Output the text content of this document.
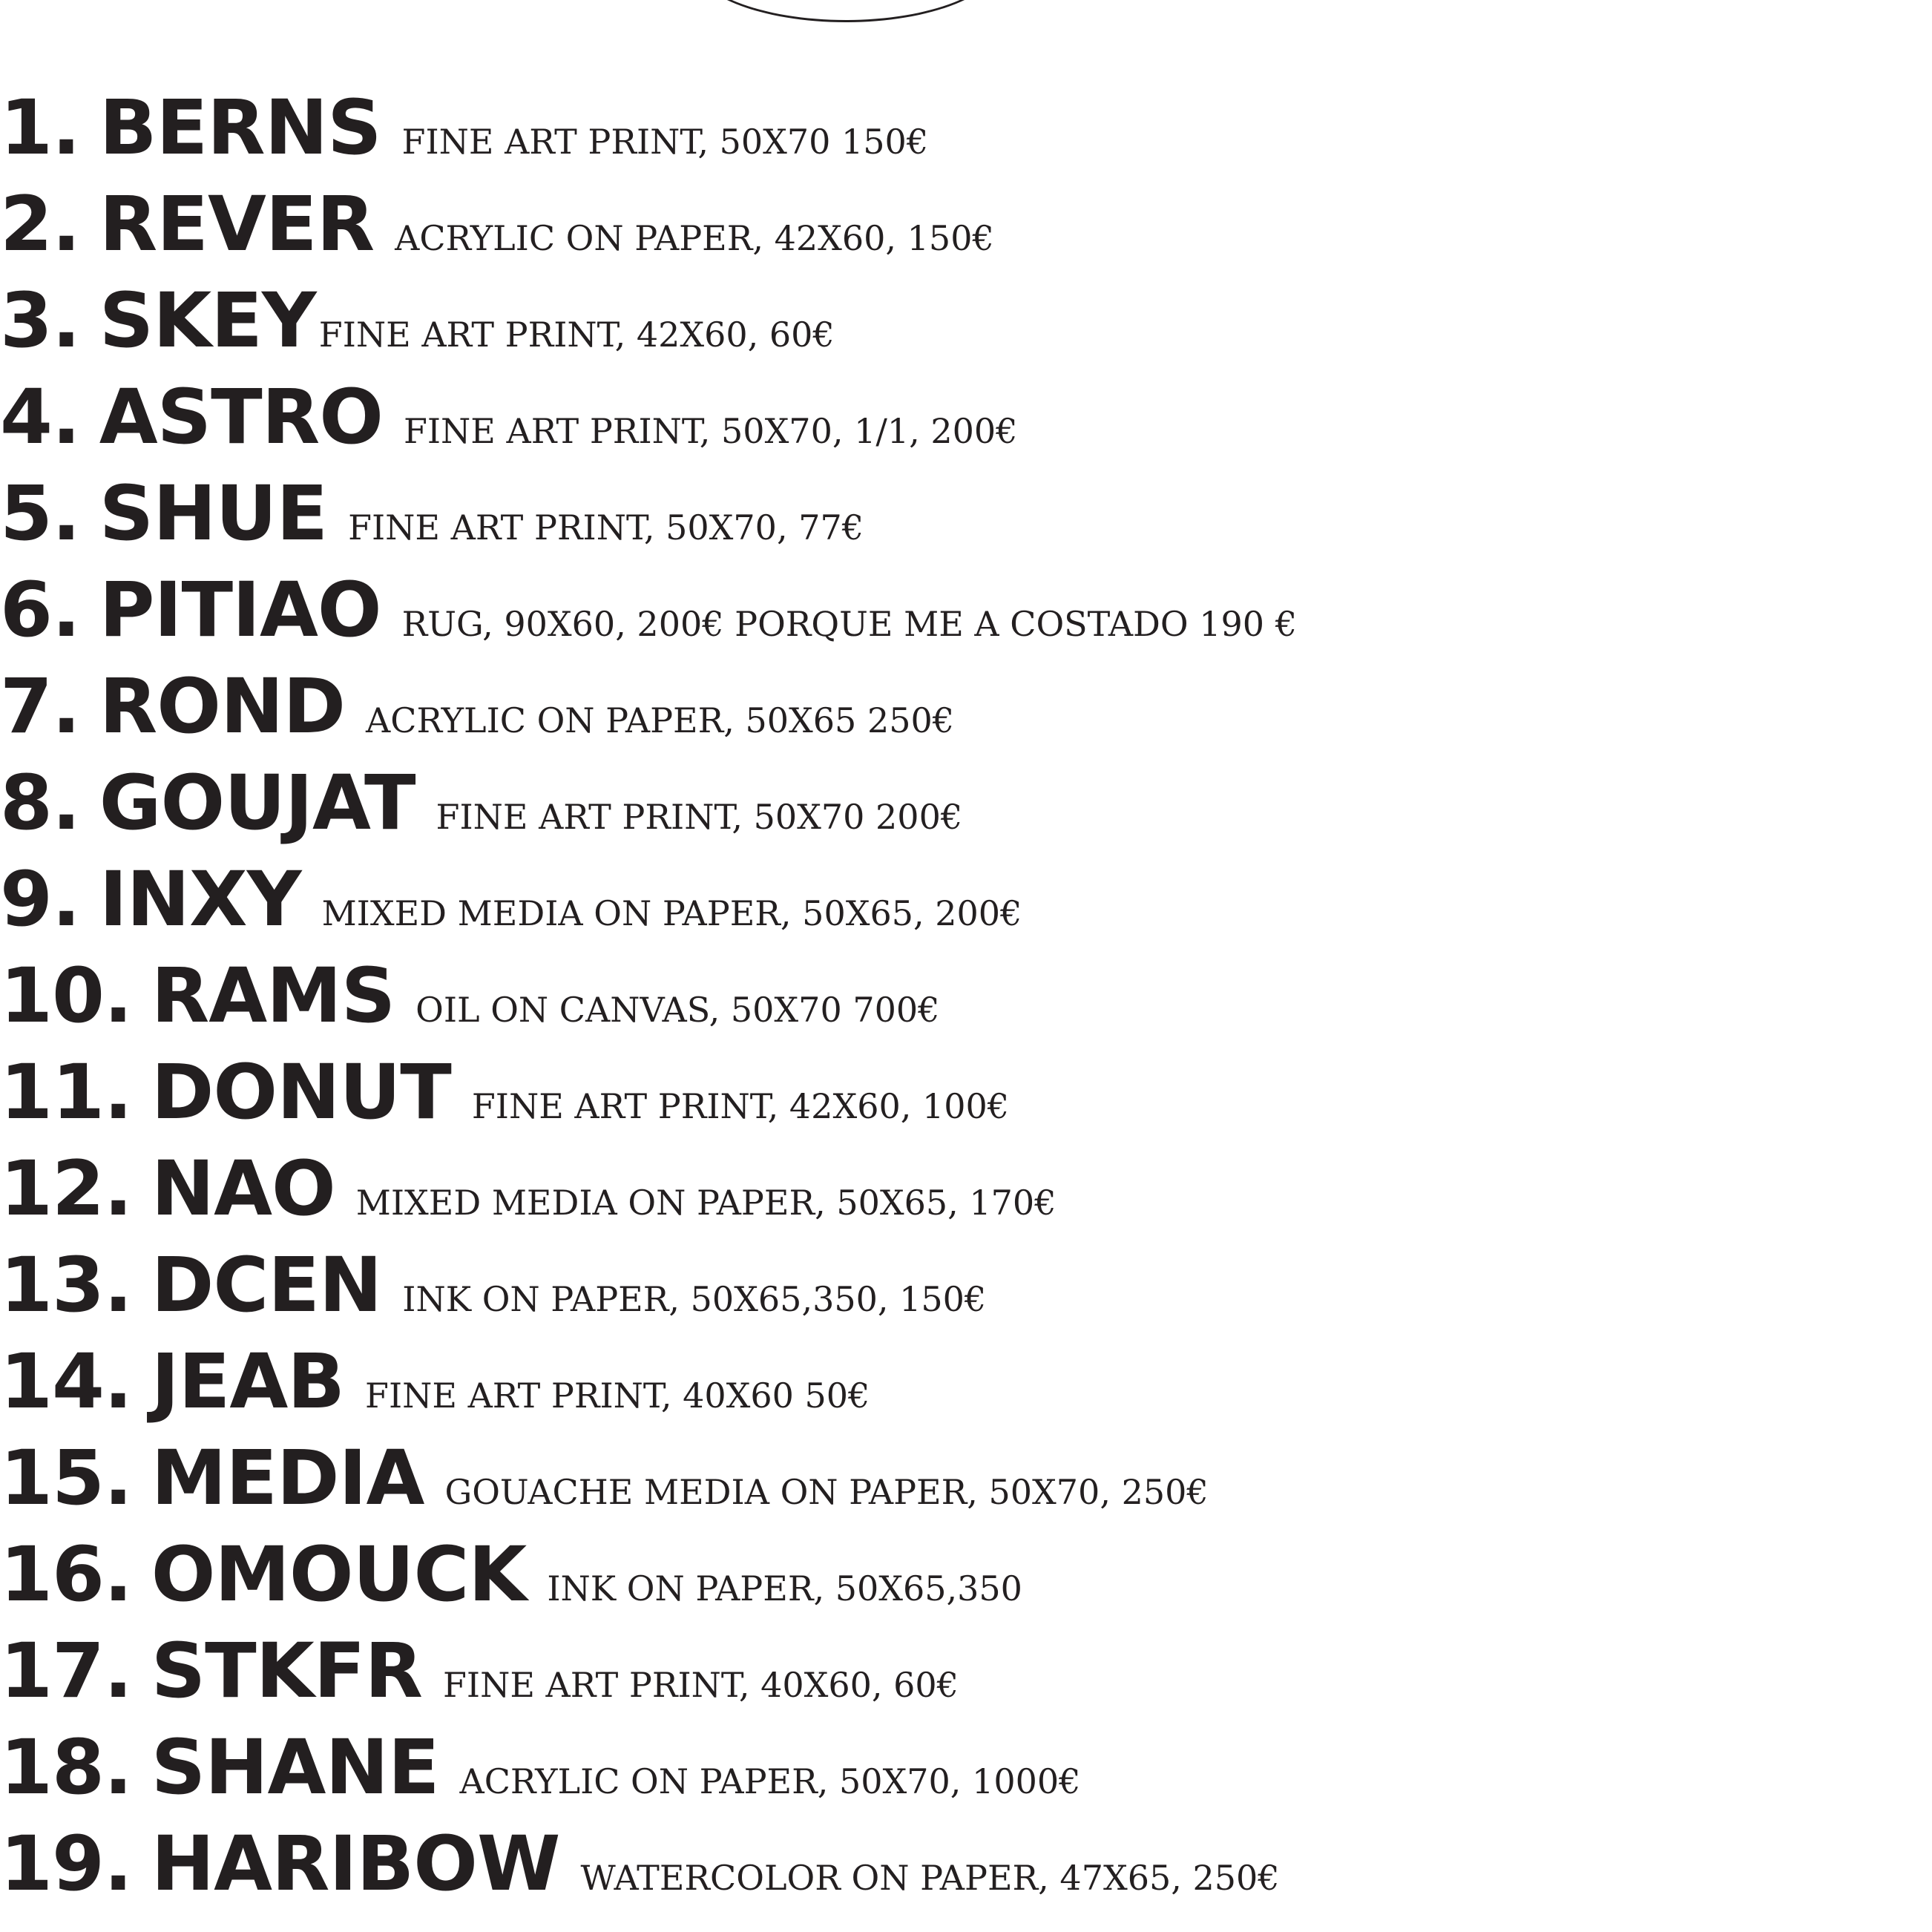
1. BERNS FINE ART PRINT, 50X70 150€
2. REVER ACRYLIC ON PAPER, 42X60, 150€
3. SKEY FINE ART PRINT, 42X60, 60€
4. ASTRO FINE ART PRINT, 50X70, 1/1, 200€
5. SHUE FINE ART PRINT, 50X70, 77€
6. PITIAO RUG, 90X60, 200€ PORQUE ME A COSTADO 190 €
7. ROND ACRYLIC ON PAPER, 50X65 250€
8. GOUJAT FINE ART PRINT, 50X70 200€
9. INXY MIXED MEDIA ON PAPER, 50X65, 200€
10. RAMS OIL ON CANVAS, 50X70 700€
11. DONUT FINE ART PRINT, 42X60, 100€
12. NAO MIXED MEDIA ON PAPER, 50X65, 170€
13. DCEN INK ON PAPER, 50X65,350, 150€
14. JEAB FINE ART PRINT, 40X60 50€
15. MEDIA GOUACHE MEDIA ON PAPER, 50X70, 250€
16. OMOUCK INK ON PAPER, 50X65,350
17. STKFR FINE ART PRINT, 40X60, 60€
18. SHANE ACRYLIC ON PAPER, 50X70, 1000€
19. HARIBOW WATERCOLOR ON PAPER, 47X65, 250€
